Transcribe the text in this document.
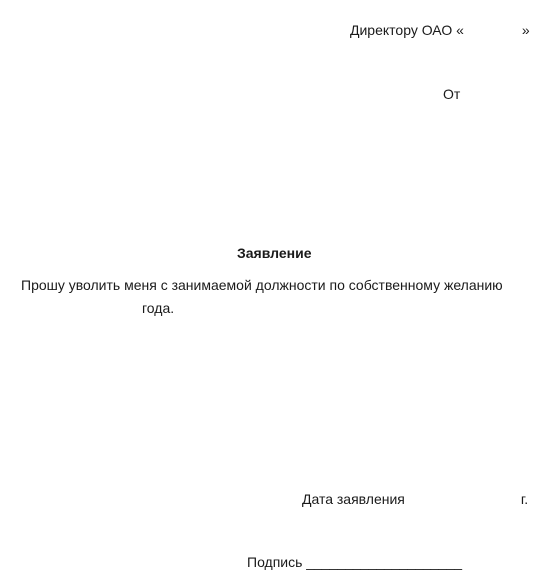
Директору ОАО «	»
От
Заявление
Прошу уволить меня с занимаемой должности по собственному желанию
года.
Дата заявления	г.
Подпись ____________________
